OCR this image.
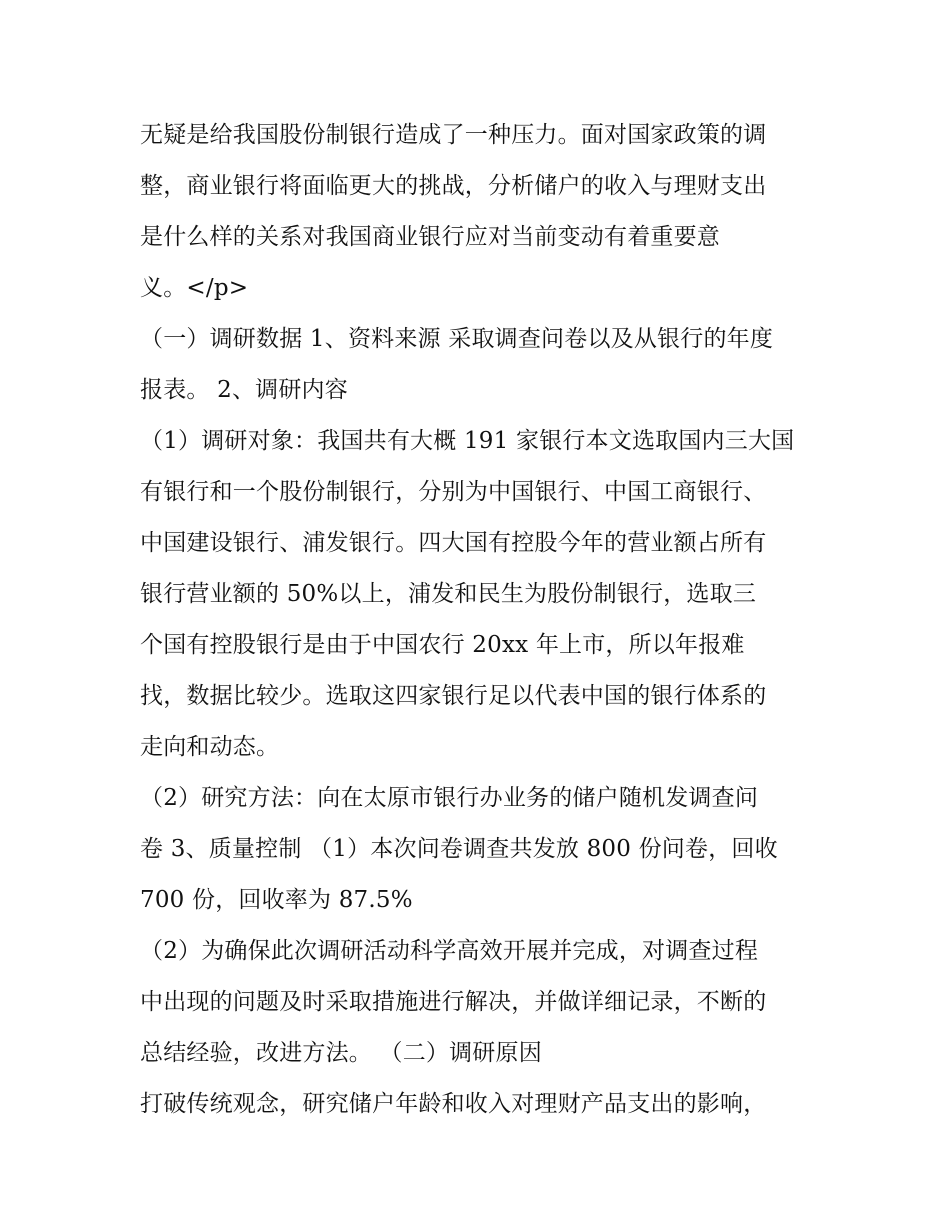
无疑是给我国股份制银行造成了一种压力。面对国家政策的调
整，商业银行将面临更大的挑战，分析储户的收入与理财支出
是什么样的关系对我国商业银行应对当前变动有着重要意
义。</p>
（一）调研数据 1、资料来源 采取调查问卷以及从银行的年度
报表。 2、调研内容
（1）调研对象：我国共有大概 191 家银行本文选取国内三大国
有银行和一个股份制银行，分别为中国银行、中国工商银行、
中国建设银行、浦发银行。四大国有控股今年的营业额占所有
银行营业额的 50%以上，浦发和民生为股份制银行，选取三
个国有控股银行是由于中国农行 20xx 年上市，所以年报难
找，数据比较少。选取这四家银行足以代表中国的银行体系的
走向和动态。
（2）研究方法：向在太原市银行办业务的储户随机发调查问
卷 3、质量控制 （1）本次问卷调查共发放 800 份问卷，回收
700 份，回收率为 87.5%
（2）为确保此次调研活动科学高效开展并完成，对调查过程
中出现的问题及时采取措施进行解决，并做详细记录，不断的
总结经验，改进方法。 （二）调研原因
打破传统观念，研究储户年龄和收入对理财产品支出的影响，
